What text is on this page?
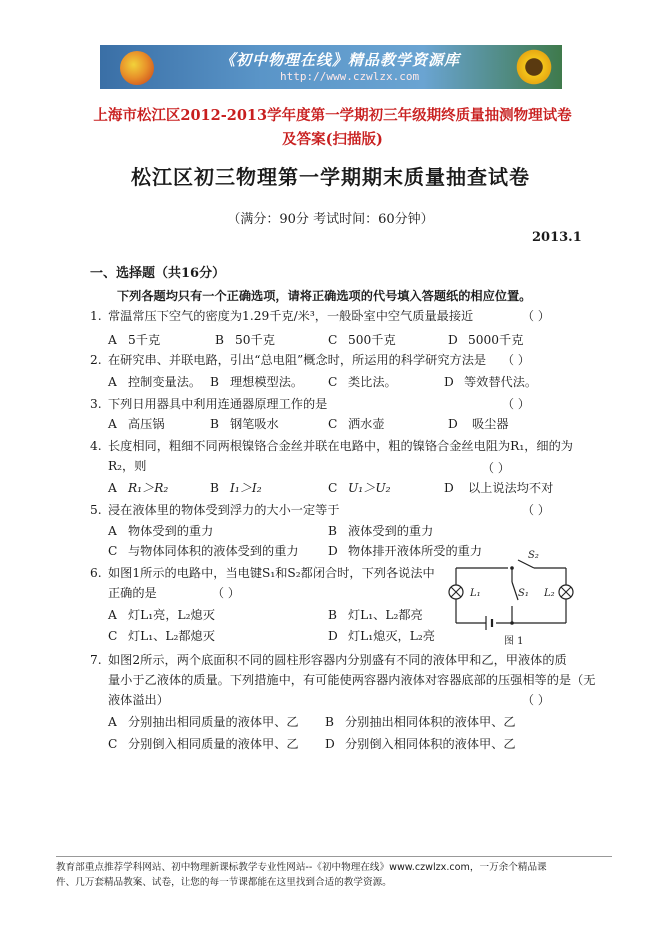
《初中物理在线》精品教学资源库
http://www.czwlzx.com
上海市松江区2012-2013学年度第一学期初三年级期终质量抽测物理试卷
及答案(扫描版)
松江区初三物理第一学期期末质量抽查试卷
（满分：90分 考试时间：60分钟）
2013.1
一、选择题（共16分）
下列各题均只有一个正确选项，请将正确选项的代号填入答题纸的相应位置。
1. 常温常压下空气的密度为1.29千克/米³，一般卧室中空气质量最接近	（ ）
A 5千克	B 50千克	C 500千克	D 5000千克
2. 在研究串、并联电路，引出“总电阻”概念时，所运用的科学研究方法是 （ ）
A 控制变量法。 B 理想模型法。 C 类比法。	D 等效替代法。
3. 下列日用器具中利用连通器原理工作的是	（ ）
A 高压锅	B 钢笔吸水	C 洒水壶	D 吸尘器
4. 长度相同，粗细不同两根镍铬合金丝并联在电路中，粗的镍铬合金丝电阻为R₁，细的为
R₂，则	（ ）
A R₁＞R₂	B I₁＞I₂	C U₁＞U₂	D 以上说法均不对
5. 浸在液体里的物体受到浮力的大小一定等于	（ ）
A 物体受到的重力	B 液体受到的重力
C 与物体同体积的液体受到的重力 D 物体排开液体所受的重力
6. 如图1所示的电路中，当电键S₁和S₂都闭合时，下列各说法中
正确的是	（ ）
A 灯L₁亮，L₂熄灭	B 灯L₁、L₂都亮
C 灯L₁、L₂都熄灭	D 灯L₁熄灭，L₂亮
L₁	L₂
S₁
S₂
图 1
7. 如图2所示，两个底面积不同的圆柱形容器内分别盛有不同的液体甲和乙，甲液体的质
量小于乙液体的质量。下列措施中，有可能使两容器内液体对容器底部的压强相等的是（无
液体溢出）	（ ）
A 分别抽出相同质量的液体甲、乙 B 分别抽出相同体积的液体甲、乙
C 分别倒入相同质量的液体甲、乙 D 分别倒入相同体积的液体甲、乙
教育部重点推荐学科网站、初中物理新课标教学专业性网站--《初中物理在线》www.czwlzx.com，一万余个精品课
件、几万套精品教案、试卷，让您的每一节课都能在这里找到合适的教学资源。
